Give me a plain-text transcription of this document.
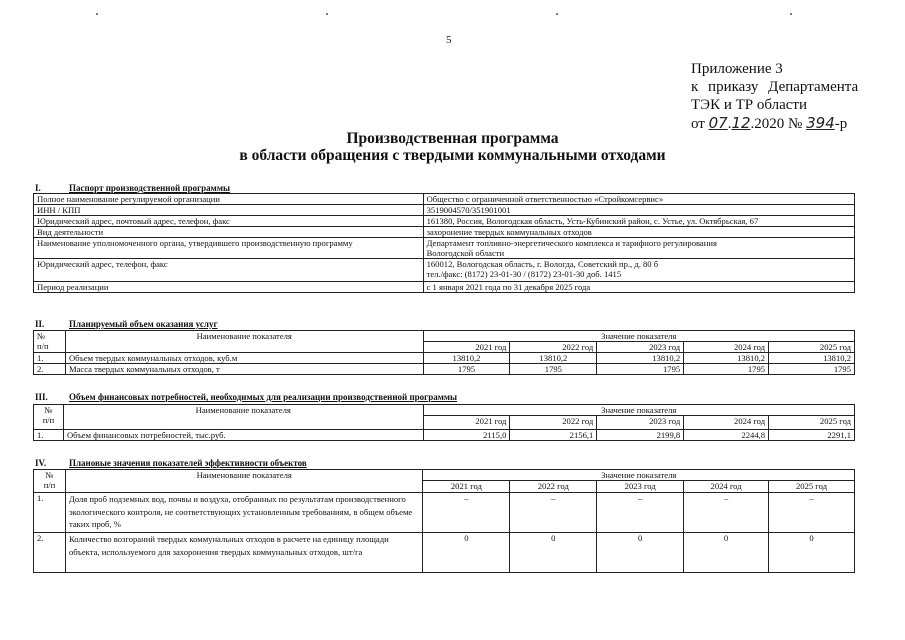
5
Приложение 3
к приказу Департамента
ТЭК и ТР области
от 07.12.2020 № 394-р
Производственная программа
в области обращения с твердыми коммунальными отходами
I.	Паспорт производственной программы
Полное наименование регулируемой организации	Общество с ограниченной ответственностью «Стройкомсервис»
ИНН / КПП	3519004570/351901001
Юридический адрес, почтовый адрес, телефон, факс	161380, Россия, Вологодская область, Усть-Кубинский район, с. Устье, ул. Октябрьская, 67
Вид деятельности	захоронение твердых коммунальных отходов
Наименование уполномоченного органа, утвердившего производственную программу	Департамент топливно-энергетического комплекса и тарифного регулирования
Вологодской области

Юридический адрес, телефон, факс	160012, Вологодская область, г. Вологда, Советский пр., д. 80 б
тел./факс: (8172) 23-01-30 / (8172) 23-01-30 доб. 1415

Период реализации	с 1 января 2021 года по 31 декабря 2025 года
II.	Планируемый объем оказания услуг
№
п/п	Наименование показателя	Значение показателя				
		2021 год	2022 год	2023 год	2024 год	2025 год
1.	Объем твердых коммунальных отходов, куб.м	13810,2	13810,2	13810,2	13810,2	13810,2
2.	Масса твердых коммунальных отходов, т	1795	1795	1795	1795	1795
III. Объем финансовых потребностей, необходимых для реализации производственной программы
№
п/п	Наименование показателя	Значение показателя				
		2021 год	2022 год	2023 год	2024 год	2025 год
1.	Объем финансовых потребностей, тыс.руб.	2115,0	2156,1	2199,8	2244,8	2291,1
IV.	Плановые значения показателей эффективности объектов
№
п/п	Наименование показателя	Значение показателя				
		2021 год	2022 год	2023 год	2024 год	2025 год
1.	Доля проб подземных вод, почвы и воздуха, отобранных по результатам производственного экологического контроля, не соответствующих установленным требованиям, в общем объеме таких проб, %	–	–	–	–	–
2.	Количество возгораний твердых коммунальных отходов в расчете на единицу площади объекта, используемого для захоронения твердых коммунальных отходов, шт/га	0	0	0	0	0
